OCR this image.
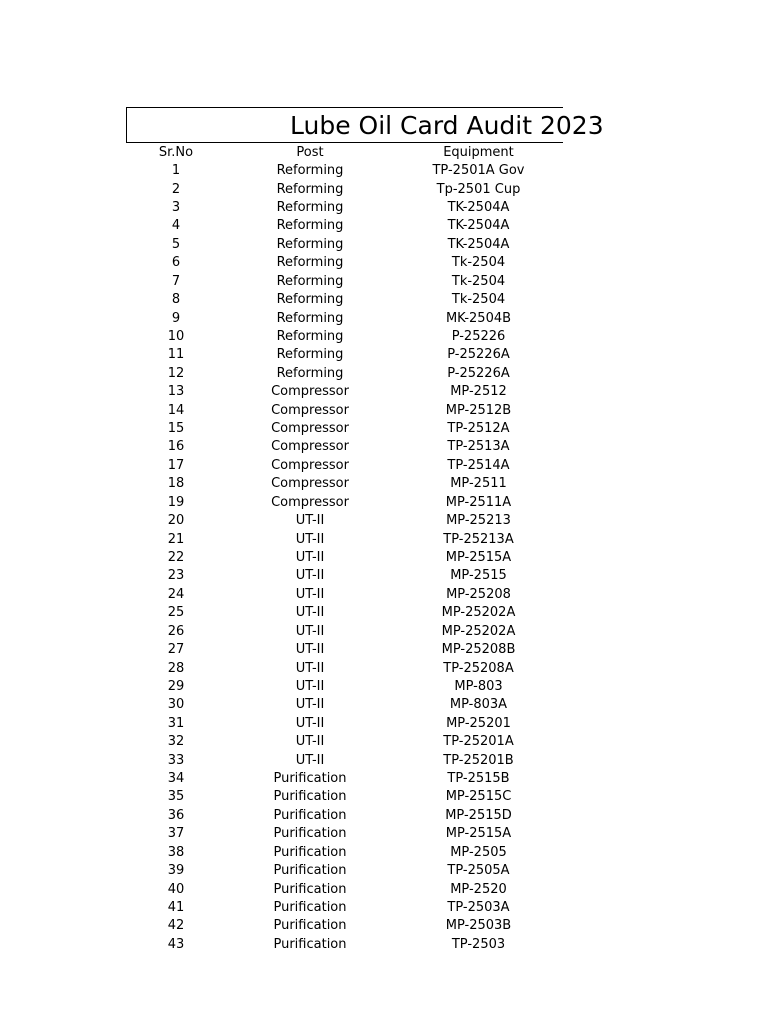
Lube Oil Card Audit 2023
Sr.No	Post	Equipment
1	Reforming	TP-2501A Gov
2	Reforming	Tp-2501 Cup
3	Reforming	TK-2504A
4	Reforming	TK-2504A
5	Reforming	TK-2504A
6	Reforming	Tk-2504
7	Reforming	Tk-2504
8	Reforming	Tk-2504
9	Reforming	MK-2504B
10	Reforming	P-25226
11	Reforming	P-25226A
12	Reforming	P-25226A
13	Compressor	MP-2512
14	Compressor	MP-2512B
15	Compressor	TP-2512A
16	Compressor	TP-2513A
17	Compressor	TP-2514A
18	Compressor	MP-2511
19	Compressor	MP-2511A
20	UT-II	MP-25213
21	UT-II	TP-25213A
22	UT-II	MP-2515A
23	UT-II	MP-2515
24	UT-II	MP-25208
25	UT-II	MP-25202A
26	UT-II	MP-25202A
27	UT-II	MP-25208B
28	UT-II	TP-25208A
29	UT-II	MP-803
30	UT-II	MP-803A
31	UT-II	MP-25201
32	UT-II	TP-25201A
33	UT-II	TP-25201B
34	Purification	TP-2515B
35	Purification	MP-2515C
36	Purification	MP-2515D
37	Purification	MP-2515A
38	Purification	MP-2505
39	Purification	TP-2505A
40	Purification	MP-2520
41	Purification	TP-2503A
42	Purification	MP-2503B
43	Purification	TP-2503
